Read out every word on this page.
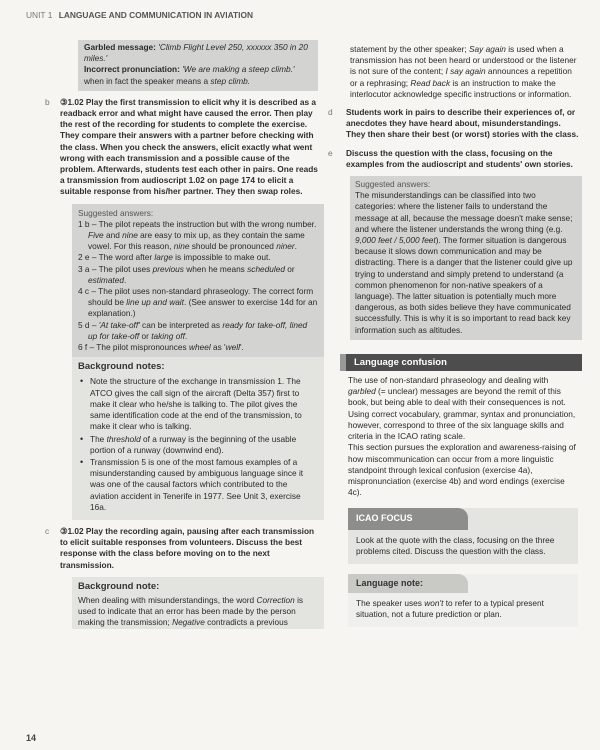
UNIT 1 LANGUAGE AND COMMUNICATION IN AVIATION

Garbled message: 'Climb Flight Level 250, xxxxxx 350 in 20 miles.'

Incorrect pronunciation: 'We are making a steep climb.' when in fact the speaker means a step climb.

b ③1.02 Play the first transmission to elicit why it is described as a readback error and what might have caused the error. Then play the rest of the recording for students to complete the exercise. They compare their answers with a partner before checking with the class. When you check the answers, elicit exactly what went wrong with each transmission and a possible cause of the problem. Afterwards, students test each other in pairs. One reads a transmission from audioscript 1.02 on page 174 to elicit a suitable response from his/her partner. They then swap roles.
Suggested answers:
1 b – The pilot repeats the instruction but with the wrong number. Five and nine are easy to mix up, as they contain the same vowel. For this reason, nine should be pronounced niner.
2 e – The word after large is impossible to make out.
3 a – The pilot uses previous when he means scheduled or estimated.
4 c – The pilot uses non-standard phraseology. The correct form should be line up and wait. (See answer to exercise 14d for an explanation.)
5 d – 'At take-off' can be interpreted as ready for take-off, lined up for take-off or taking off.
6 f – The pilot mispronounces wheel as 'well'.
Background notes:
• Note the structure of the exchange in transmission 1. The ATCO gives the call sign of the aircraft (Delta 357) first to make it clear who he/she is talking to. The pilot gives the same identification code at the end of the transmission, to make it clear who is talking.
• The threshold of a runway is the beginning of the usable portion of a runway (downwind end).
• Transmission 5 is one of the most famous examples of a misunderstanding caused by ambiguous language since it was one of the causal factors which contributed to the aviation accident in Tenerife in 1977. See Unit 3, exercise 16a.
c ③1.02 Play the recording again, pausing after each transmission to elicit suitable responses from volunteers. Discuss the best response with the class before moving on to the next transmission.
Background note:

When dealing with misunderstandings, the word Correction is used to indicate that an error has been made by the person making the transmission; Negative contradicts a previous

14

statement by the other speaker; Say again is used when a transmission has not been heard or understood or the listener is not sure of the content; I say again announces a repetition or a rephrasing; Read back is an instruction to make the interlocutor acknowledge specific instructions or information.

d Students work in pairs to describe their experiences of, or anecdotes they have heard about, misunderstandings. They then share their best (or worst) stories with the class.
e Discuss the question with the class, focusing on the examples from the audioscript and students' own stories.
Suggested answers:

The misunderstandings can be classified into two categories: where the listener fails to understand the message at all, because the message doesn't make sense; and where the listener understands the wrong thing (e.g. 9,000 feet / 5,000 feet). The former situation is dangerous because it slows down communication and may be distracting. There is a danger that the listener could give up trying to understand and simply pretend to understand (a common phenomenon for non-native speakers of a language). The latter situation is potentially much more dangerous, as both sides believe they have communicated successfully. This is why it is so important to read back key information such as altitudes.

Language confusion

The use of non-standard phraseology and dealing with garbled (= unclear) messages are beyond the remit of this book, but being able to deal with their consequences is not. Using correct vocabulary, grammar, syntax and pronunciation, however, correspond to three of the six language skills and criteria in the ICAO rating scale.

This section pursues the exploration and awareness-raising of how miscommunication can occur from a more linguistic standpoint through lexical confusion (exercise 4a), mispronunciation (exercise 4b) and word endings (exercise 4c).

ICAO FOCUS

Look at the quote with the class, focusing on the three problems cited. Discuss the question with the class.

Language note:

The speaker uses won't to refer to a typical present situation, not a future prediction or plan.
